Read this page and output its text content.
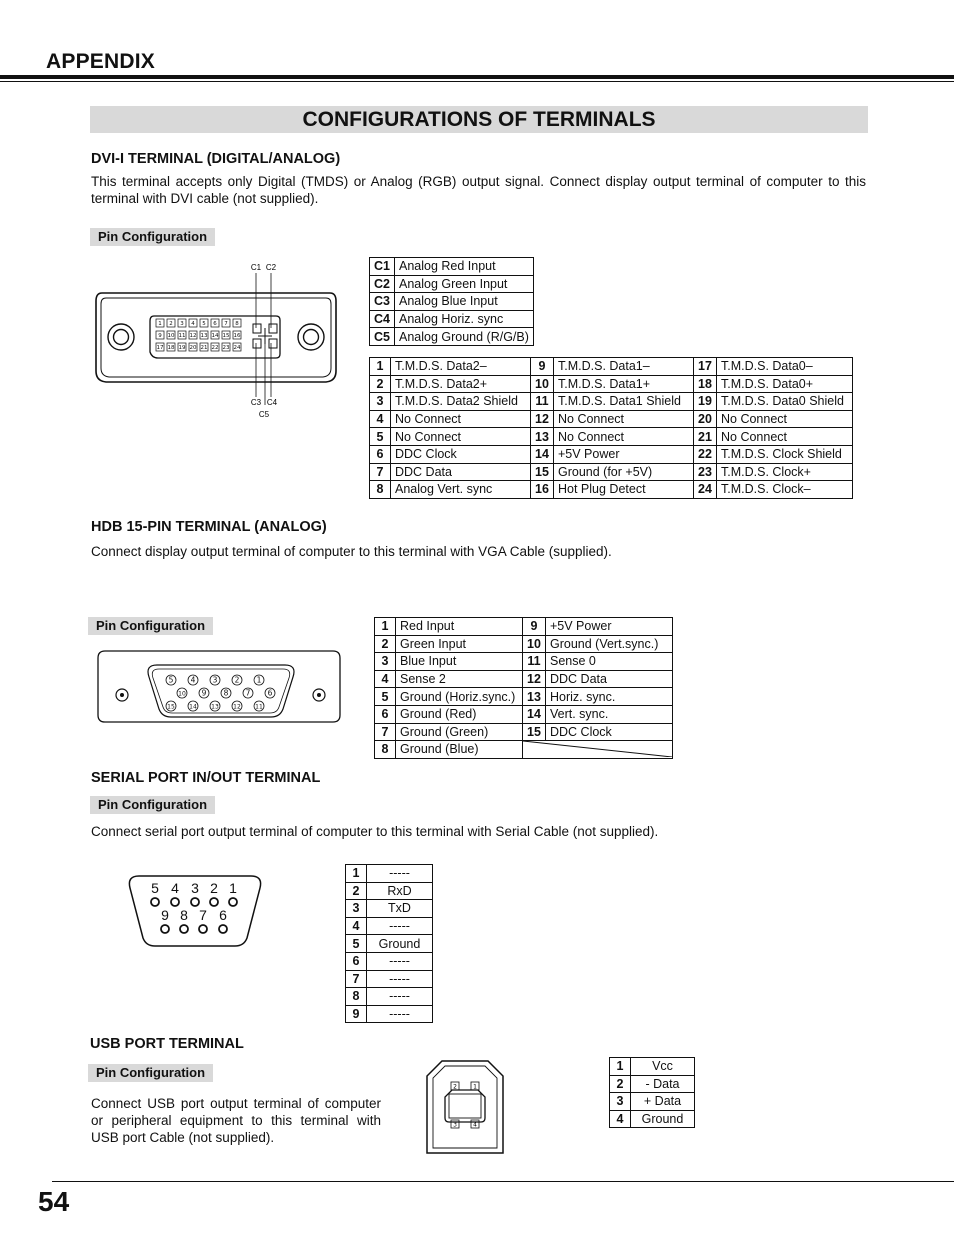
APPENDIX
CONFIGURATIONS OF TERMINALS
DVI-I TERMINAL (DIGITAL/ANALOG)
This terminal accepts only Digital (TMDS) or Analog (RGB) output signal. Connect display output terminal of computer to this terminal with DVI cable (not supplied).
Pin Configuration
1 2 3 4 5 6 7 8
9 10 11 12 13 14 15 16
17 18 19 20 21 22 23 24
C1 C2
C3 C4
C5
C1	Analog Red Input
C2	Analog Green Input
C3	Analog Blue Input
C4	Analog Horiz. sync
C5	Analog Ground (R/G/B)
1	T.M.D.S. Data2–	9	T.M.D.S. Data1–	17	T.M.D.S. Data0–
2	T.M.D.S. Data2+	10	T.M.D.S. Data1+	18	T.M.D.S. Data0+
3	T.M.D.S. Data2 Shield	11	T.M.D.S. Data1 Shield	19	T.M.D.S. Data0 Shield
4	No Connect	12	No Connect	20	No Connect
5	No Connect	13	No Connect	21	No Connect
6	DDC Clock	14	+5V Power	22	T.M.D.S. Clock Shield
7	DDC Data	15	Ground (for +5V)	23	T.M.D.S. Clock+
8	Analog Vert. sync	16	Hot Plug Detect	24	T.M.D.S. Clock–
HDB 15-PIN TERMINAL (ANALOG)
Connect display output terminal of computer to this terminal with VGA Cable (supplied).
Pin Configuration
5 4 3 2 1
10 9 8 7 6
15 14 13 12 11
1	Red Input	9	+5V Power
2	Green Input	10	Ground (Vert.sync.)
3	Blue Input	11	Sense 0
4	Sense 2	12	DDC Data
5	Ground (Horiz.sync.)	13	Horiz. sync.
6	Ground (Red)	14	Vert. sync.
7	Ground (Green)	15	DDC Clock
8	Ground (Blue)	
SERIAL PORT IN/OUT TERMINAL
Pin Configuration
Connect serial port output terminal of computer to this terminal with Serial Cable (not supplied).
5 4 3 2 1
9 8 7 6
1	-----
2	RxD
3	TxD
4	-----
5	Ground
6	-----
7	-----
8	-----
9	-----
USB PORT TERMINAL
Pin Configuration
Connect USB port output terminal of computer or peripheral equipment to this terminal with USB port Cable (not supplied).
2	1
3	4
1	Vcc
2	- Data
3	+ Data
4	Ground
54
